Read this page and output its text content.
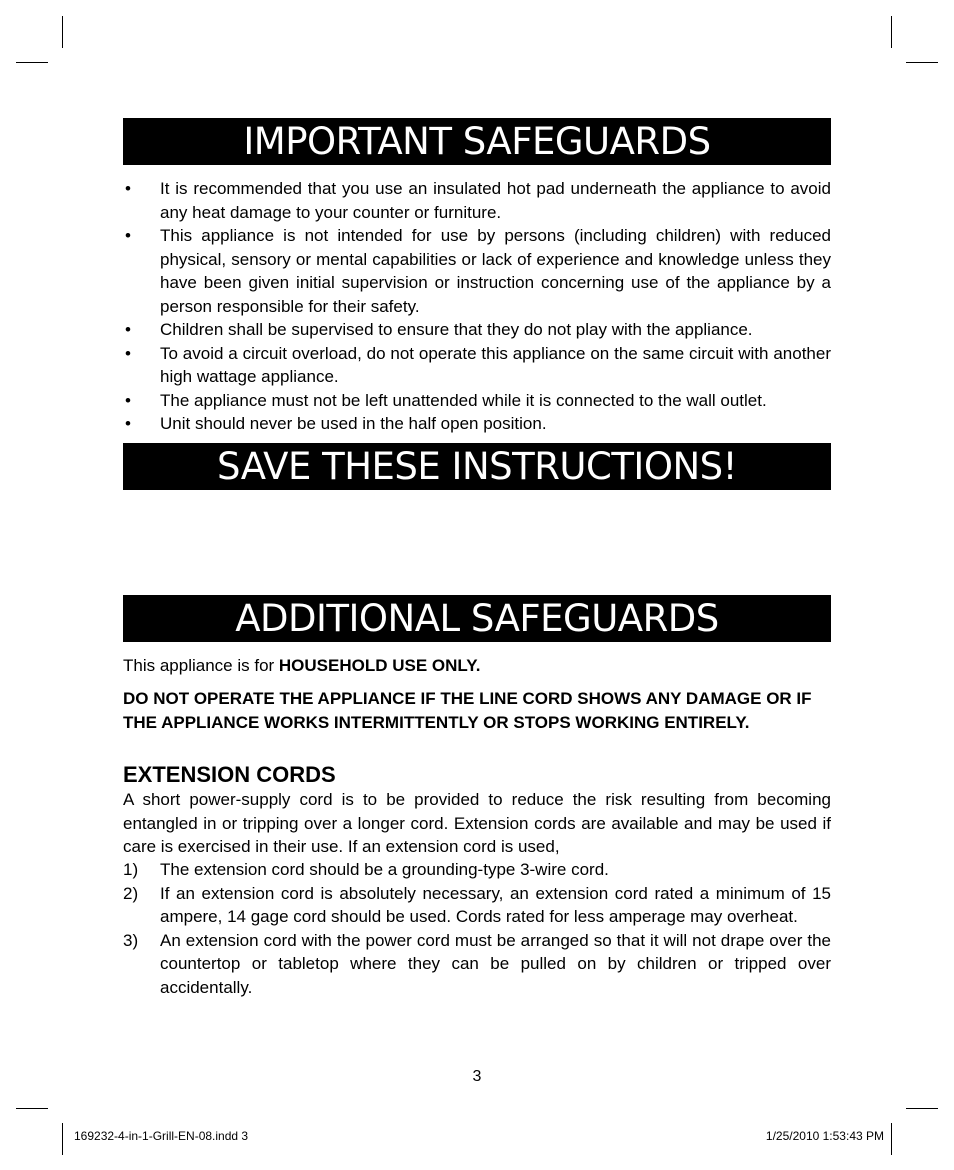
IMPORTANT SAFEGUARDS
• It is recommended that you use an insulated hot pad underneath the appliance to avoid any heat damage to your counter or furniture.
• This appliance is not intended for use by persons (including children) with reduced physical, sensory or mental capabilities or lack of experience and knowledge unless they have been given initial supervision or instruction concerning use of the appliance by a person responsible for their safety.
• Children shall be supervised to ensure that they do not play with the appliance.
• To avoid a circuit overload, do not operate this appliance on the same circuit with another high wattage appliance.
• The appliance must not be left unattended while it is connected to the wall outlet.
• Unit should never be used in the half open position.
SAVE THESE INSTRUCTIONS!
ADDITIONAL SAFEGUARDS

This appliance is for HOUSEHOLD USE ONLY.

DO NOT OPERATE THE APPLIANCE IF THE LINE CORD SHOWS ANY DAMAGE OR IF THE APPLIANCE WORKS INTERMITTENTLY OR STOPS WORKING ENTIRELY.

EXTENSION CORDS

A short power-supply cord is to be provided to reduce the risk resulting from becoming entangled in or tripping over a longer cord. Extension cords are available and may be used if care is exercised in their use. If an extension cord is used,

1) The extension cord should be a grounding-type 3-wire cord.
2) If an extension cord is absolutely necessary, an extension cord rated a minimum of 15 ampere, 14 gage cord should be used. Cords rated for less amperage may overheat.
3) An extension cord with the power cord must be arranged so that it will not drape over the countertop or tabletop where they can be pulled on by children or tripped over accidentally.
3
169232-4-in-1-Grill-EN-08.indd 3	1/25/2010 1:53:43 PM
